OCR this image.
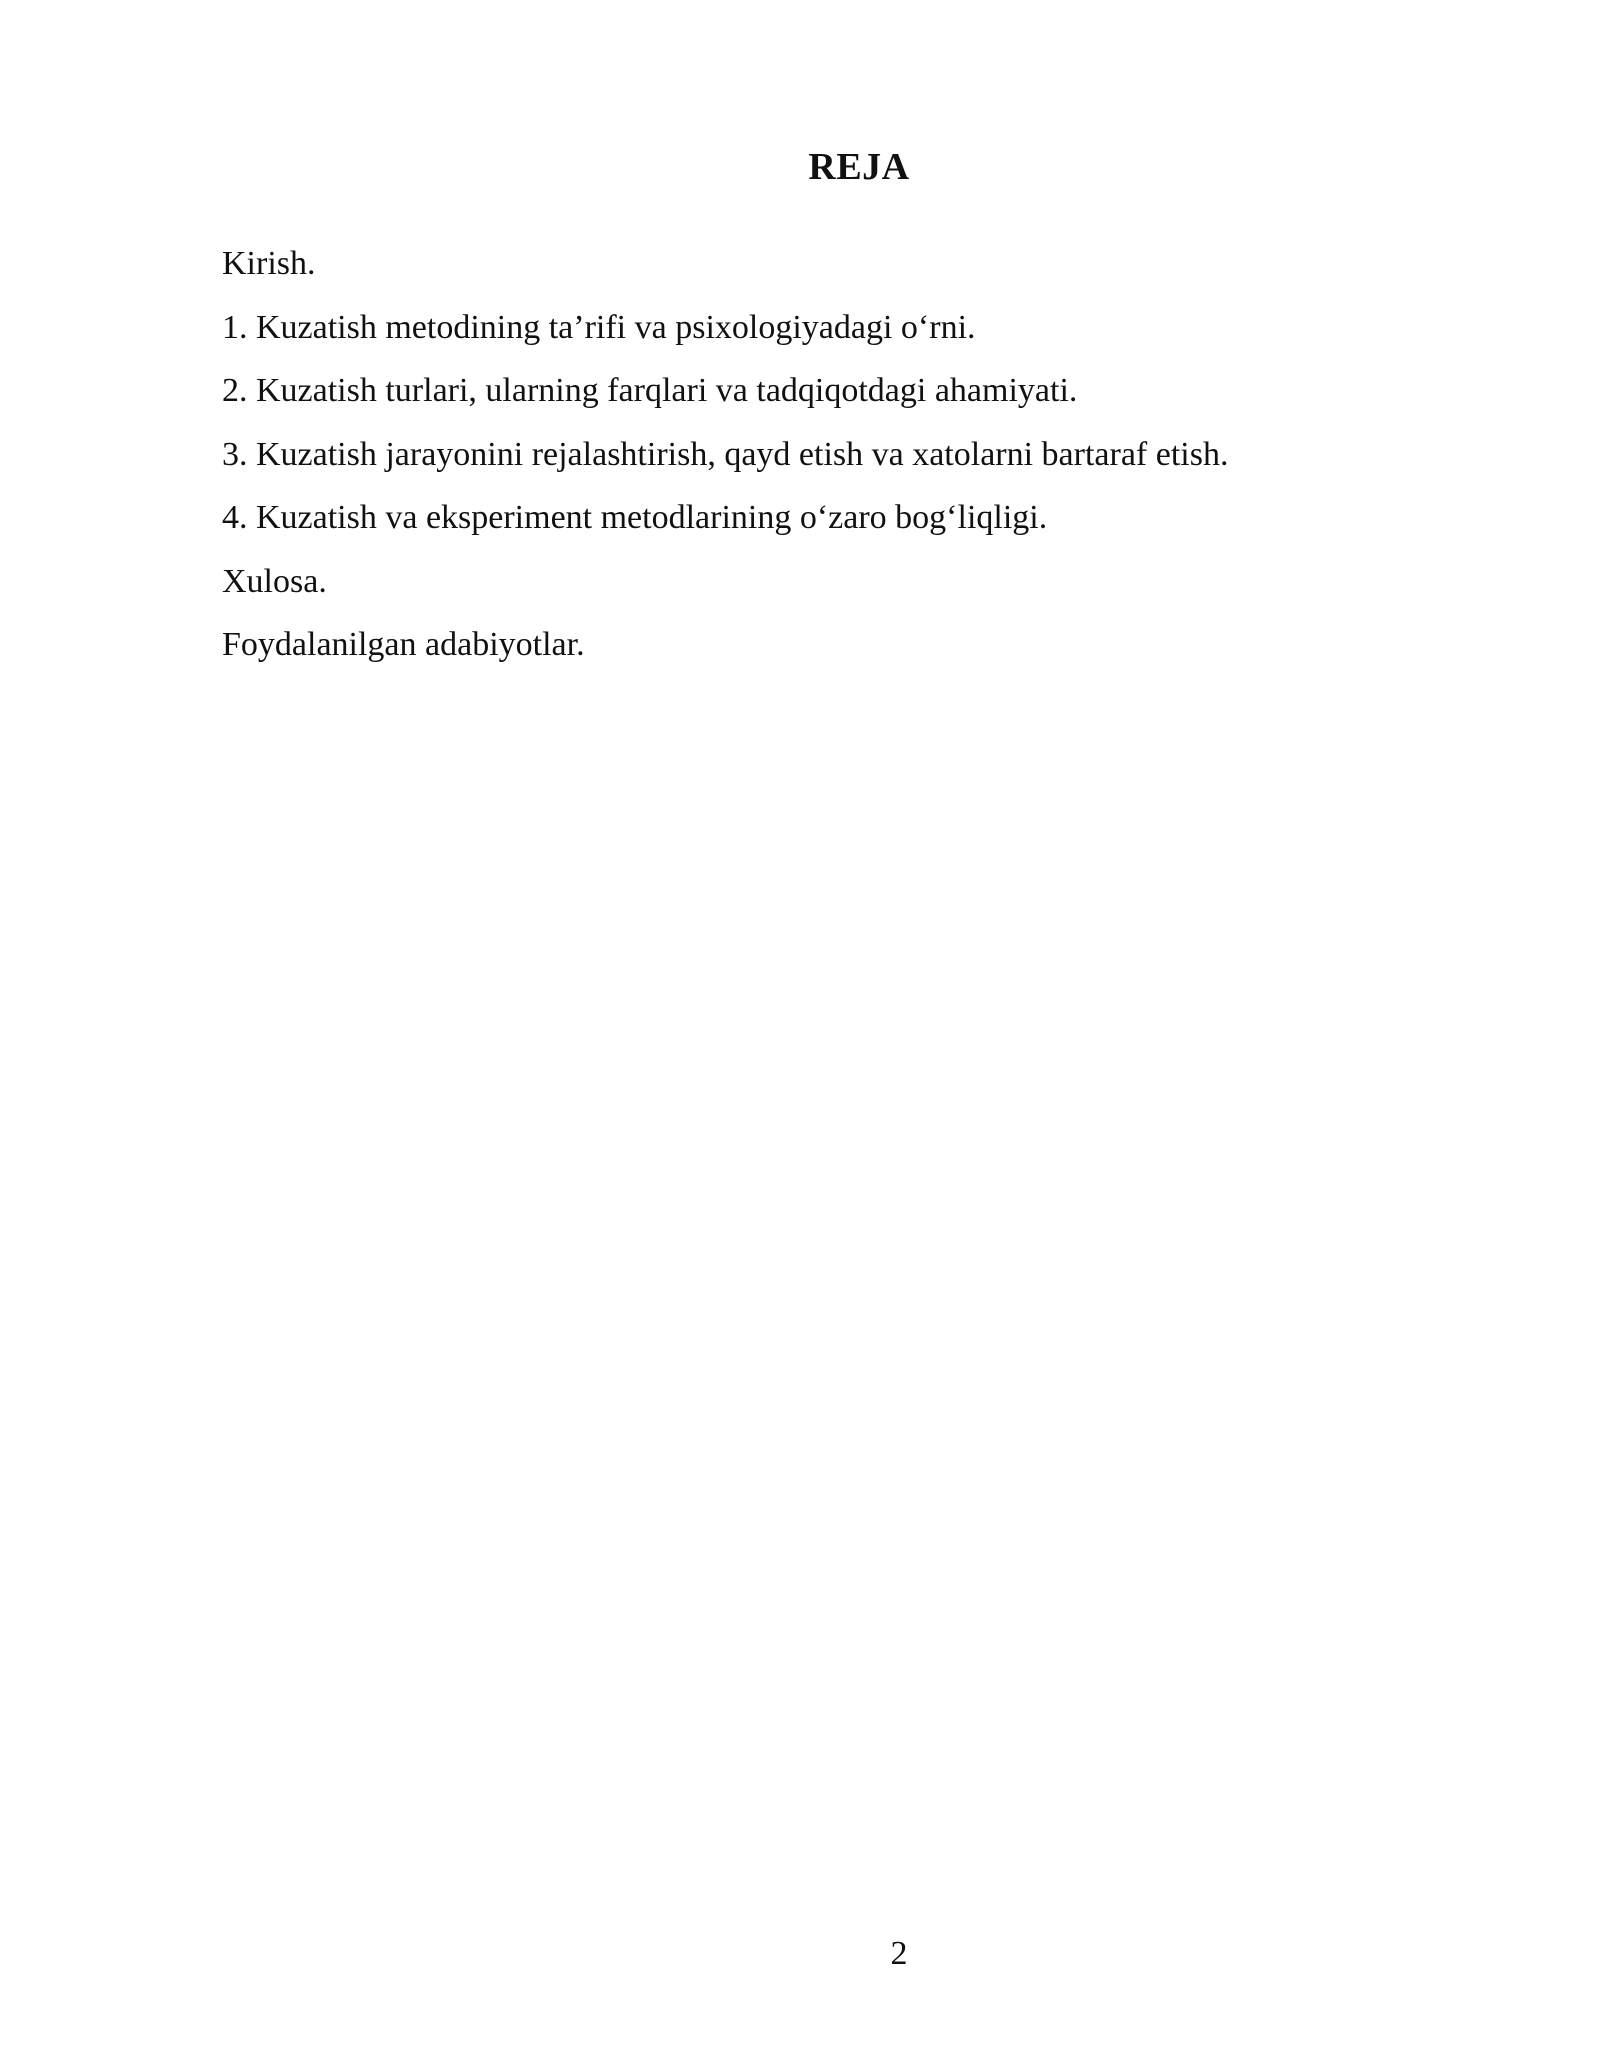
REJA
Kirish.
1. Kuzatish metodining ta’rifi va psixologiyadagi o‘rni.
2. Kuzatish turlari, ularning farqlari va tadqiqotdagi ahamiyati.
3. Kuzatish jarayonini rejalashtirish, qayd etish va xatolarni bartaraf etish.
4. Kuzatish va eksperiment metodlarining o‘zaro bog‘liqligi.
Xulosa.
Foydalanilgan adabiyotlar.
2
